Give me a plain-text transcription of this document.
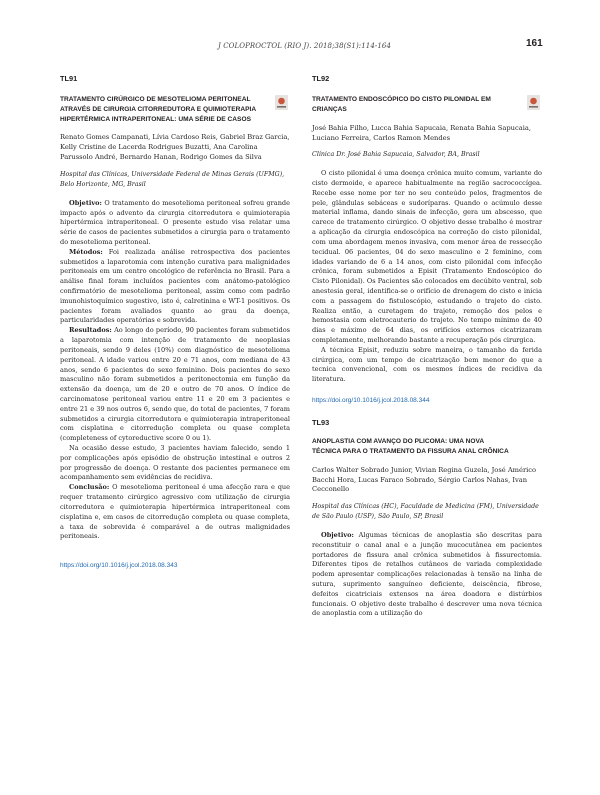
J COLOPROCTOL (RIO J). 2018;38(S1):114-164	161

TL91

TRATAMENTO CIRÚRGICO DE MESOTELIOMA PERITONEAL ATRAVÉS DE CIRURGIA CITORREDUTORA E QUIMIOTERAPIA HIPERTÉRMICA INTRAPERITONEAL: UMA SÉRIE DE CASOS

Renato Gomes Campanati, Lívia Cardoso Reis, Gabriel Braz Garcia, Kelly Cristine de Lacerda Rodrigues Buzatti, Ana Carolina Parussolo André, Bernardo Hanan, Rodrigo Gomes da Silva

Hospital das Clínicas, Universidade Federal de Minas Gerais (UFMG), Belo Horizonte, MG, Brasil

Objetivo: O tratamento do mesotelioma peritoneal sofreu grande impacto após o advento da cirurgia citorredutora e quimioterapia hipertérmica intraperitoneal. O presente estudo visa relatar uma série de casos de pacientes submetidos a cirurgia para o tratamento do mesotelioma peritoneal.

Métodos: Foi realizada análise retrospectiva dos pacientes submetidos a laparotomia com intenção curativa para malignidades peritoneais em um centro oncológico de referência no Brasil. Para a análise final foram incluídos pacientes com anátomo-patológico confirmatório de mesotelioma peritoneal, assim como com padrão imunohistoquímico sugestivo, isto é, calretinina e WT-1 positivos. Os pacientes foram avaliados quanto ao grau da doença, particularidades operatórias e sobrevida.

Resultados: Ao longo do período, 90 pacientes foram submetidos a laparotomia com intenção de tratamento de neoplasias peritoneais, sendo 9 deles (10%) com diagnóstico de mesotelioma peritoneal. A idade variou entre 20 e 71 anos, com mediana de 43 anos, sendo 6 pacientes do sexo feminino. Dois pacientes do sexo masculino não foram submetidos a peritonectomia em função da extensão da doença, um de 20 e outro de 70 anos. O índice de carcinomatose peritoneal variou entre 11 e 20 em 3 pacientes e entre 21 e 39 nos outros 6, sendo que, do total de pacientes, 7 foram submetidos a cirurgia citorredutora e quimioterapia intraperitoneal com cisplatina e citorredução completa ou quase completa (completeness of cytoreductive score 0 ou 1).

Na ocasião desse estudo, 3 pacientes haviam falecido, sendo 1 por complicações após episódio de obstrução intestinal e outros 2 por progressão de doença. O restante dos pacientes permanece em acompanhamento sem evidências de recidiva.

Conclusão: O mesotelioma peritoneal é uma afecção rara e que requer tratamento cirúrgico agressivo com utilização de cirurgia citorredutora e quimioterapia hipertérmica intraperitoneal com cisplatina e, em casos de citorredução completa ou quase completa, a taxa de sobrevida é comparável a de outras malignidades peritoneais.

https://doi.org/10.1016/j.jcol.2018.08.343

TL92

TRATAMENTO ENDOSCÓPICO DO CISTO PILONIDAL EM CRIANÇAS

José Bahia Filho, Lucca Bahia Sapucaia, Renata Bahia Sapucaia, Luciano Ferreira, Carlos Ramon Mendes

Clínica Dr. José Bahia Sapucaia, Salvador, BA, Brasil

O cisto pilonidal é uma doença crônica muito comum, variante do cisto dermoide, e aparece habitualmente na região sacrococcígea. Recebe esse nome por ter no seu conteúdo pelos, fragmentos de pele, glândulas sebáceas e sudoríparas. Quando o acúmulo desse material inflama, dando sinais de infecção, gera um abscesso, que carece de tratamento cirúrgico. O objetivo desse trabalho é mostrar a aplicação da cirurgia endoscópica na correção do cisto pilonidal, com uma abordagem menos invasiva, com menor área de ressecção tecidual. 06 pacientes, 04 do sexo masculino e 2 feminino, com idades variando de 6 a 14 anos, com cisto pilonidal com infecção crônica, foram submetidos a Episit (Tratamento Endoscópico do Cisto Pilonidal). Os Pacientes são colocados em decúbito ventral, sob anestesia geral, identifica-se o orifício de drenagem do cisto e inicia com a passagem do fistuloscópio, estudando o trajeto do cisto. Realiza então, a curetagem do trajeto, remoção dos pelos e hemostasia com eletrocauterio do trajeto. No tempo mínimo de 40 dias e máximo de 64 dias, os orifícios externos cicatrizaram completamente, melhorando bastante a recuperação pós cirurgica.

A técnica Episit, reduziu sobre maneira, o tamanho da ferida cirúrgica, com um tempo de cicatrização bem menor do que a tecnica convencional, com os mesmos índices de recidiva da literatura.

https://doi.org/10.1016/j.jcol.2018.08.344

TL93

ANOPLASTIA COM AVANÇO DO PLICOMA: UMA NOVA TÉCNICA PARA O TRATAMENTO DA FISSURA ANAL CRÔNICA

Carlos Walter Sobrado Junior, Vivian Regina Guzela, José Américo Bacchi Hora, Lucas Faraco Sobrado, Sérgio Carlos Nahas, Ivan Cecconello

Hospital das Clínicas (HC), Faculdade de Medicina (FM), Universidade de São Paulo (USP), São Paulo, SP, Brasil

Objetivo: Algumas técnicas de anoplastia são descritas para reconstituir o canal anal e a junção mucocutânea em pacientes portadores de fissura anal crônica submetidos à fissurectomia. Diferentes tipos de retalhos cutâneos de variada complexidade podem apresentar complicações relacionadas à tensão na linha de sutura, suprimento sanguíneo deficiente, deiscência, fibrose, defeitos cicatriciais extensos na área doadora e distúrbios funcionais. O objetivo deste trabalho é descrever uma nova técnica de anoplastia com a utilização do
